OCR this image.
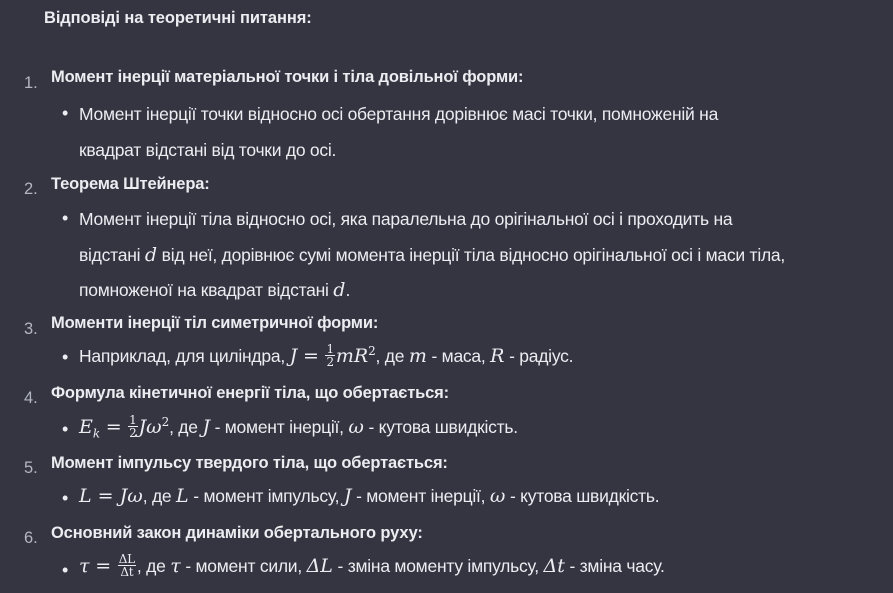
Відповіді на теоретичні питання:
1. Момент інерції матеріальної точки і тіла довільної форми:
• Момент інерції точки відносно осі обертання дорівнює масі точки, помноженій на
квадрат відстані від точки до осі.
2. Теорема Штейнера:
• Момент інерції тіла відносно осі, яка паралельна до орігінальної осі і проходить на
відстані d від неї, дорівнює сумі момента інерції тіла відносно орігінальної осі і маси тіла,
помноженої на квадрат відстані d.
3. Моменти інерції тіл симетричної форми:
• Наприклад, для циліндра, $J = \frac{1}{2} mR^2$, де m - маса, R - радіус.
4. Формула кінетичної енергії тіла, що обертається:
• $E_k = \frac{1}{2} J\omega^2$, де J - момент інерції, ω - кутова швидкість.
5. Момент імпульсу твердого тіла, що обертається:
• L = Jω, де L - момент імпульсу, J - момент інерції, ω - кутова швидкість.
6. Основний закон динаміки обертального руху:
• $\tau = \frac{\Delta L}{\Delta t}$ , де τ - момент сили, ΔL - зміна моменту імпульсу, Δt - зміна часу.
